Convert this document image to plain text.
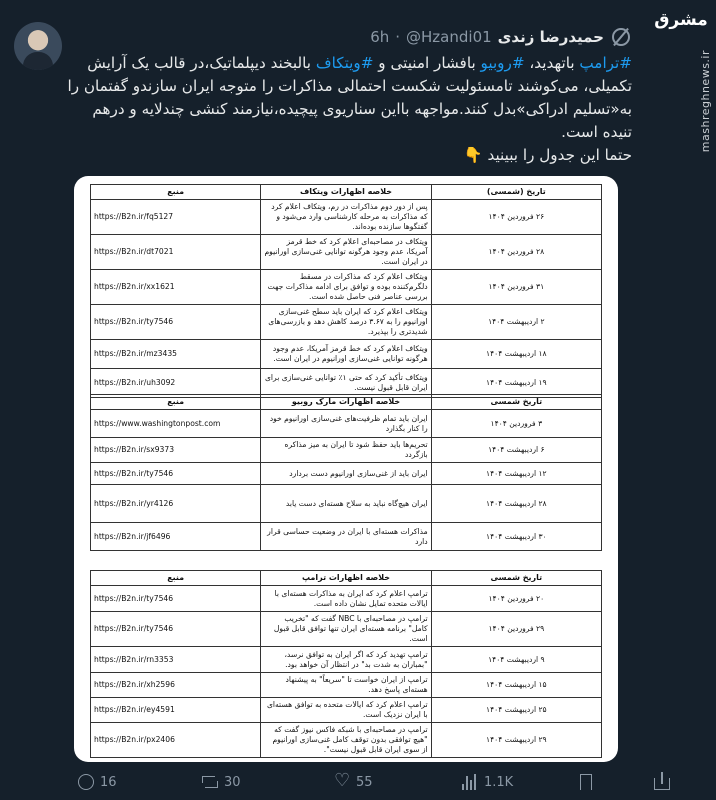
حمیدرضا زندی
@Hzandi01
·
6h
مشرق
mashreghnews.ir
#ترامپ باتهدید، #روبیو بافشار امنیتی و #ویتکاف بالبخند دیپلماتیک،در قالب یک آرایش تکمیلی، می‌کوشند تامسئولیت شکست احتمالی مذاکرات را متوجه ایران سازندو گفتمان را به«تسلیم ادراکی»بدل کنند.مواجهه بااین سناریوی پیچیده،نیازمند کنشی چندلایه و درهم تنیده است.
حتما این جدول را ببینید 👇
تاریخ (شمسی)	خلاصه اظهارات ویتکاف	منبع
۲۶ فروردین ۱۴۰۴	پس از دور دوم مذاکرات در رم، ویتکاف اعلام کرد که مذاکرات به مرحله کارشناسی وارد می‌شود و گفتگوها سازنده بوده‌اند.	https://B2n.ir/fq5127
۲۸ فروردین ۱۴۰۴	ویتکاف در مصاحبه‌ای اعلام کرد که خط قرمز آمریکا، عدم وجود هرگونه توانایی غنی‌سازی اورانیوم در ایران است.	https://B2n.ir/dt7021
۳۱ فروردین ۱۴۰۴	ویتکاف اعلام کرد که مذاکرات در مسقط دلگرم‌کننده بوده و توافق برای ادامه مذاکرات جهت بررسی عناصر فنی حاصل شده است.	https://B2n.ir/xx1621
۲ اردیبهشت ۱۴۰۴	ویتکاف اعلام کرد که ایران باید سطح غنی‌سازی اورانیوم را به ۳.۶۷ درصد کاهش دهد و بازرسی‌های شدیدتری را بپذیرد.	https://B2n.ir/ty7546
۱۸ اردیبهشت ۱۴۰۴	ویتکاف اعلام کرد که خط قرمز آمریکا، عدم وجود هرگونه توانایی غنی‌سازی اورانیوم در ایران است.	https://B2n.ir/mz3435
۱۹ اردیبهشت ۱۴۰۴	ویتکاف تأکید کرد که حتی ۱٪ توانایی غنی‌سازی برای ایران قابل قبول نیست.	https://B2n.ir/uh3092
تاریخ شمسی	خلاصه اظهارات مارک روبیو	منبع
۳ فروردین ۱۴۰۴	ایران باید تمام ظرفیت‌های غنی‌سازی اورانیوم خود را کنار بگذارد	https://www.washingtonpost.com
۶ اردیبهشت ۱۴۰۴	تحریم‌ها باید حفظ شود تا ایران به میز مذاکره بازگردد	https://B2n.ir/sx9373
۱۲ اردیبهشت ۱۴۰۴	ایران باید از غنی‌سازی اورانیوم دست بردارد	https://B2n.ir/ty7546
۲۸ اردیبهشت ۱۴۰۴	ایران هیچ‌گاه نباید به سلاح هسته‌ای دست یابد	https://B2n.ir/yr4126
۳۰ اردیبهشت ۱۴۰۴	مذاکرات هسته‌ای با ایران در وضعیت حساسی قرار دارد	https://B2n.ir/jf6496
تاریخ شمسی	خلاصه اظهارات ترامپ	منبع
۲۰ فروردین ۱۴۰۴	ترامپ اعلام کرد که ایران به مذاکرات هسته‌ای با ایالات متحده تمایل نشان داده است.	https://B2n.ir/ty7546
۲۹ فروردین ۱۴۰۴	ترامپ در مصاحبه‌ای با NBC گفت که "تخریب کامل" برنامه هسته‌ای ایران تنها توافق قابل قبول است.	https://B2n.ir/ty7546
۹ اردیبهشت ۱۴۰۴	ترامپ تهدید کرد که اگر ایران به توافق نرسد، "بمباران به شدت بد" در انتظار آن خواهد بود.	https://B2n.ir/rn3353
۱۵ اردیبهشت ۱۴۰۴	ترامپ از ایران خواست تا "سریعاً" به پیشنهاد هسته‌ای پاسخ دهد.	https://B2n.ir/xh2596
۲۵ اردیبهشت ۱۴۰۴	ترامپ اعلام کرد که ایالات متحده به توافق هسته‌ای با ایران نزدیک است.	https://B2n.ir/ey4591
۲۹ اردیبهشت ۱۴۰۴	ترامپ در مصاحبه‌ای با شبکه فاکس نیوز گفت که "هیچ توافقی بدون توقف کامل غنی‌سازی اورانیوم از سوی ایران قابل قبول نیست".	https://B2n.ir/px2406
16	30 ♡	55	1.1K
